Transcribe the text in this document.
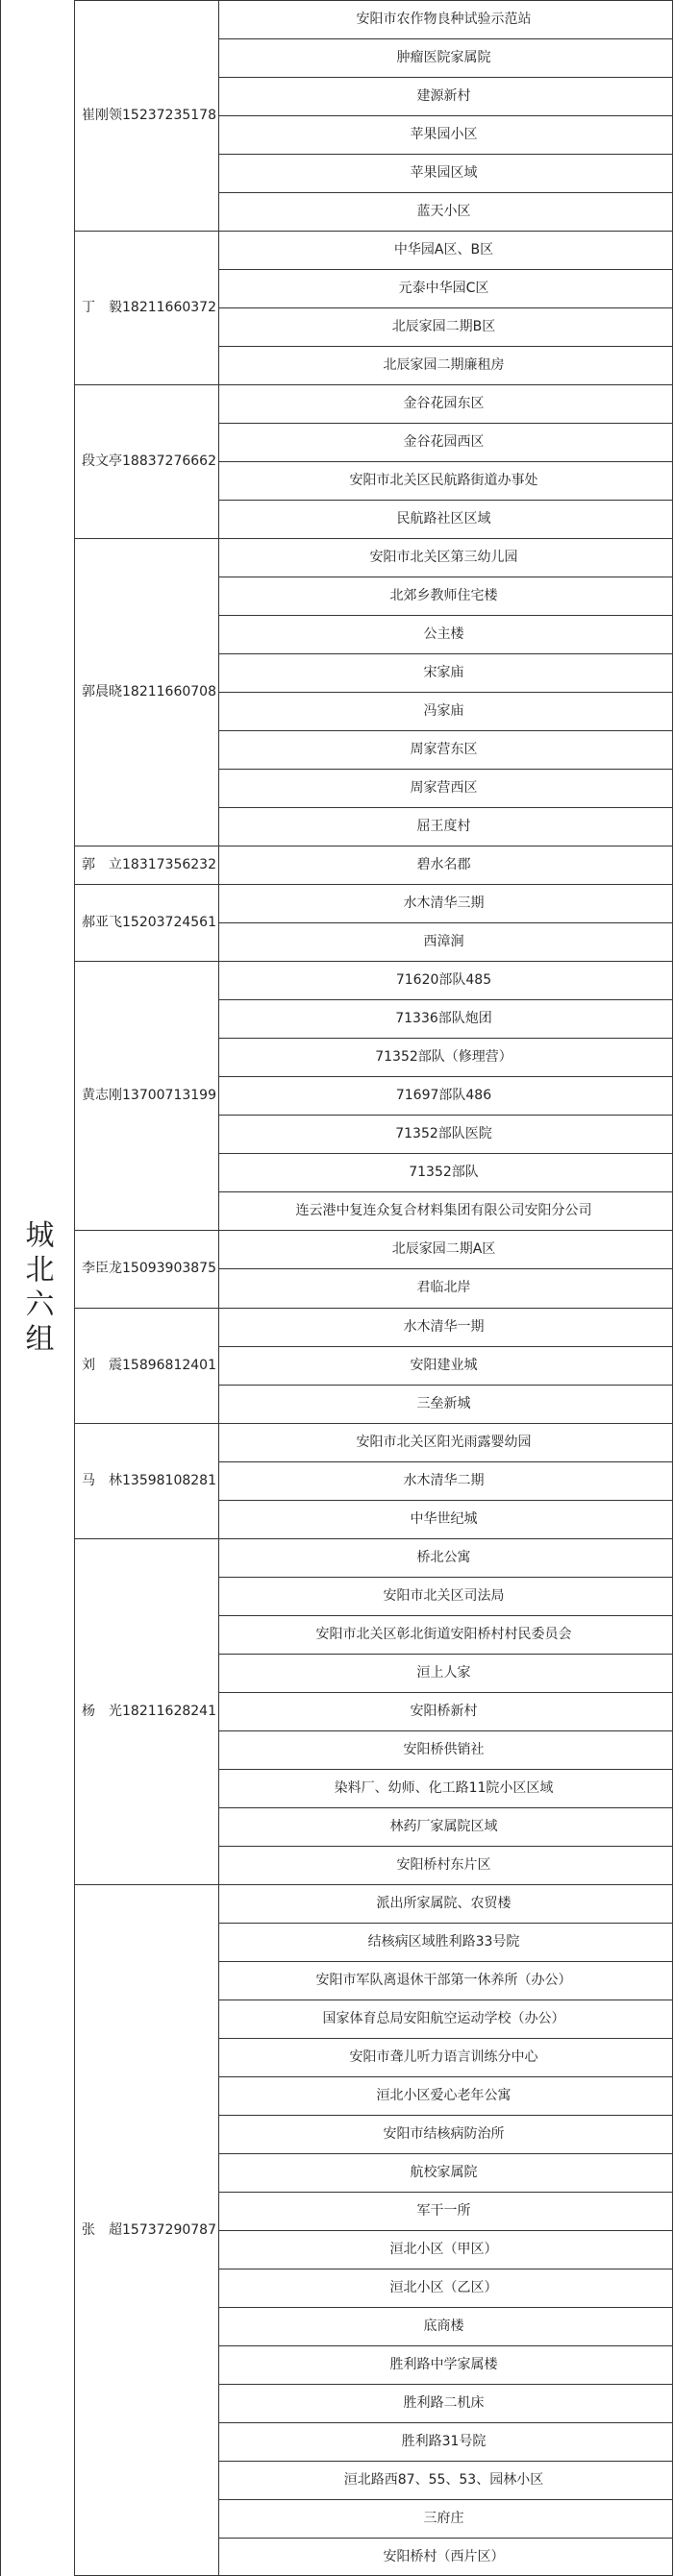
城北六组
崔刚领15237235178
安阳市农作物良种试验示范站
肿瘤医院家属院
建源新村
苹果园小区
苹果园区域
蓝天小区
丁　毅18211660372
中华园A区、B区
元泰中华园C区
北辰家园二期B区
北辰家园二期廉租房
段文亭18837276662
金谷花园东区
金谷花园西区
安阳市北关区民航路街道办事处
民航路社区区域
郭晨晓18211660708
安阳市北关区第三幼儿园
北郊乡教师住宅楼
公主楼
宋家庙
冯家庙
周家营东区
周家营西区
屈王度村
郭　立18317356232	碧水名郡
郝亚飞15203724561
水木清华三期
西漳涧
黄志刚13700713199
71620部队485
71336部队炮团
71352部队（修理营）
71697部队486
71352部队医院
71352部队
连云港中复连众复合材料集团有限公司安阳分公司
李臣龙15093903875
北辰家园二期A区
君临北岸
刘　震15896812401
水木清华一期
安阳建业城
三垒新城
马　林13598108281
安阳市北关区阳光雨露婴幼园
水木清华二期
中华世纪城
杨　光18211628241
桥北公寓
安阳市北关区司法局
安阳市北关区彰北街道安阳桥村村民委员会
洹上人家
安阳桥新村
安阳桥供销社
染料厂、幼师、化工路11院小区区域
林药厂家属院区域
安阳桥村东片区
张　超15737290787
派出所家属院、农贸楼
结核病区域胜利路33号院
安阳市军队离退休干部第一休养所（办公）
国家体育总局安阳航空运动学校（办公）
安阳市聋儿听力语言训练分中心
洹北小区爱心老年公寓
安阳市结核病防治所
航校家属院
军干一所
洹北小区（甲区）
洹北小区（乙区）
底商楼
胜利路中学家属楼
胜利路二机床
胜利路31号院
洹北路西87、55、53、园林小区
三府庄
安阳桥村（西片区）
